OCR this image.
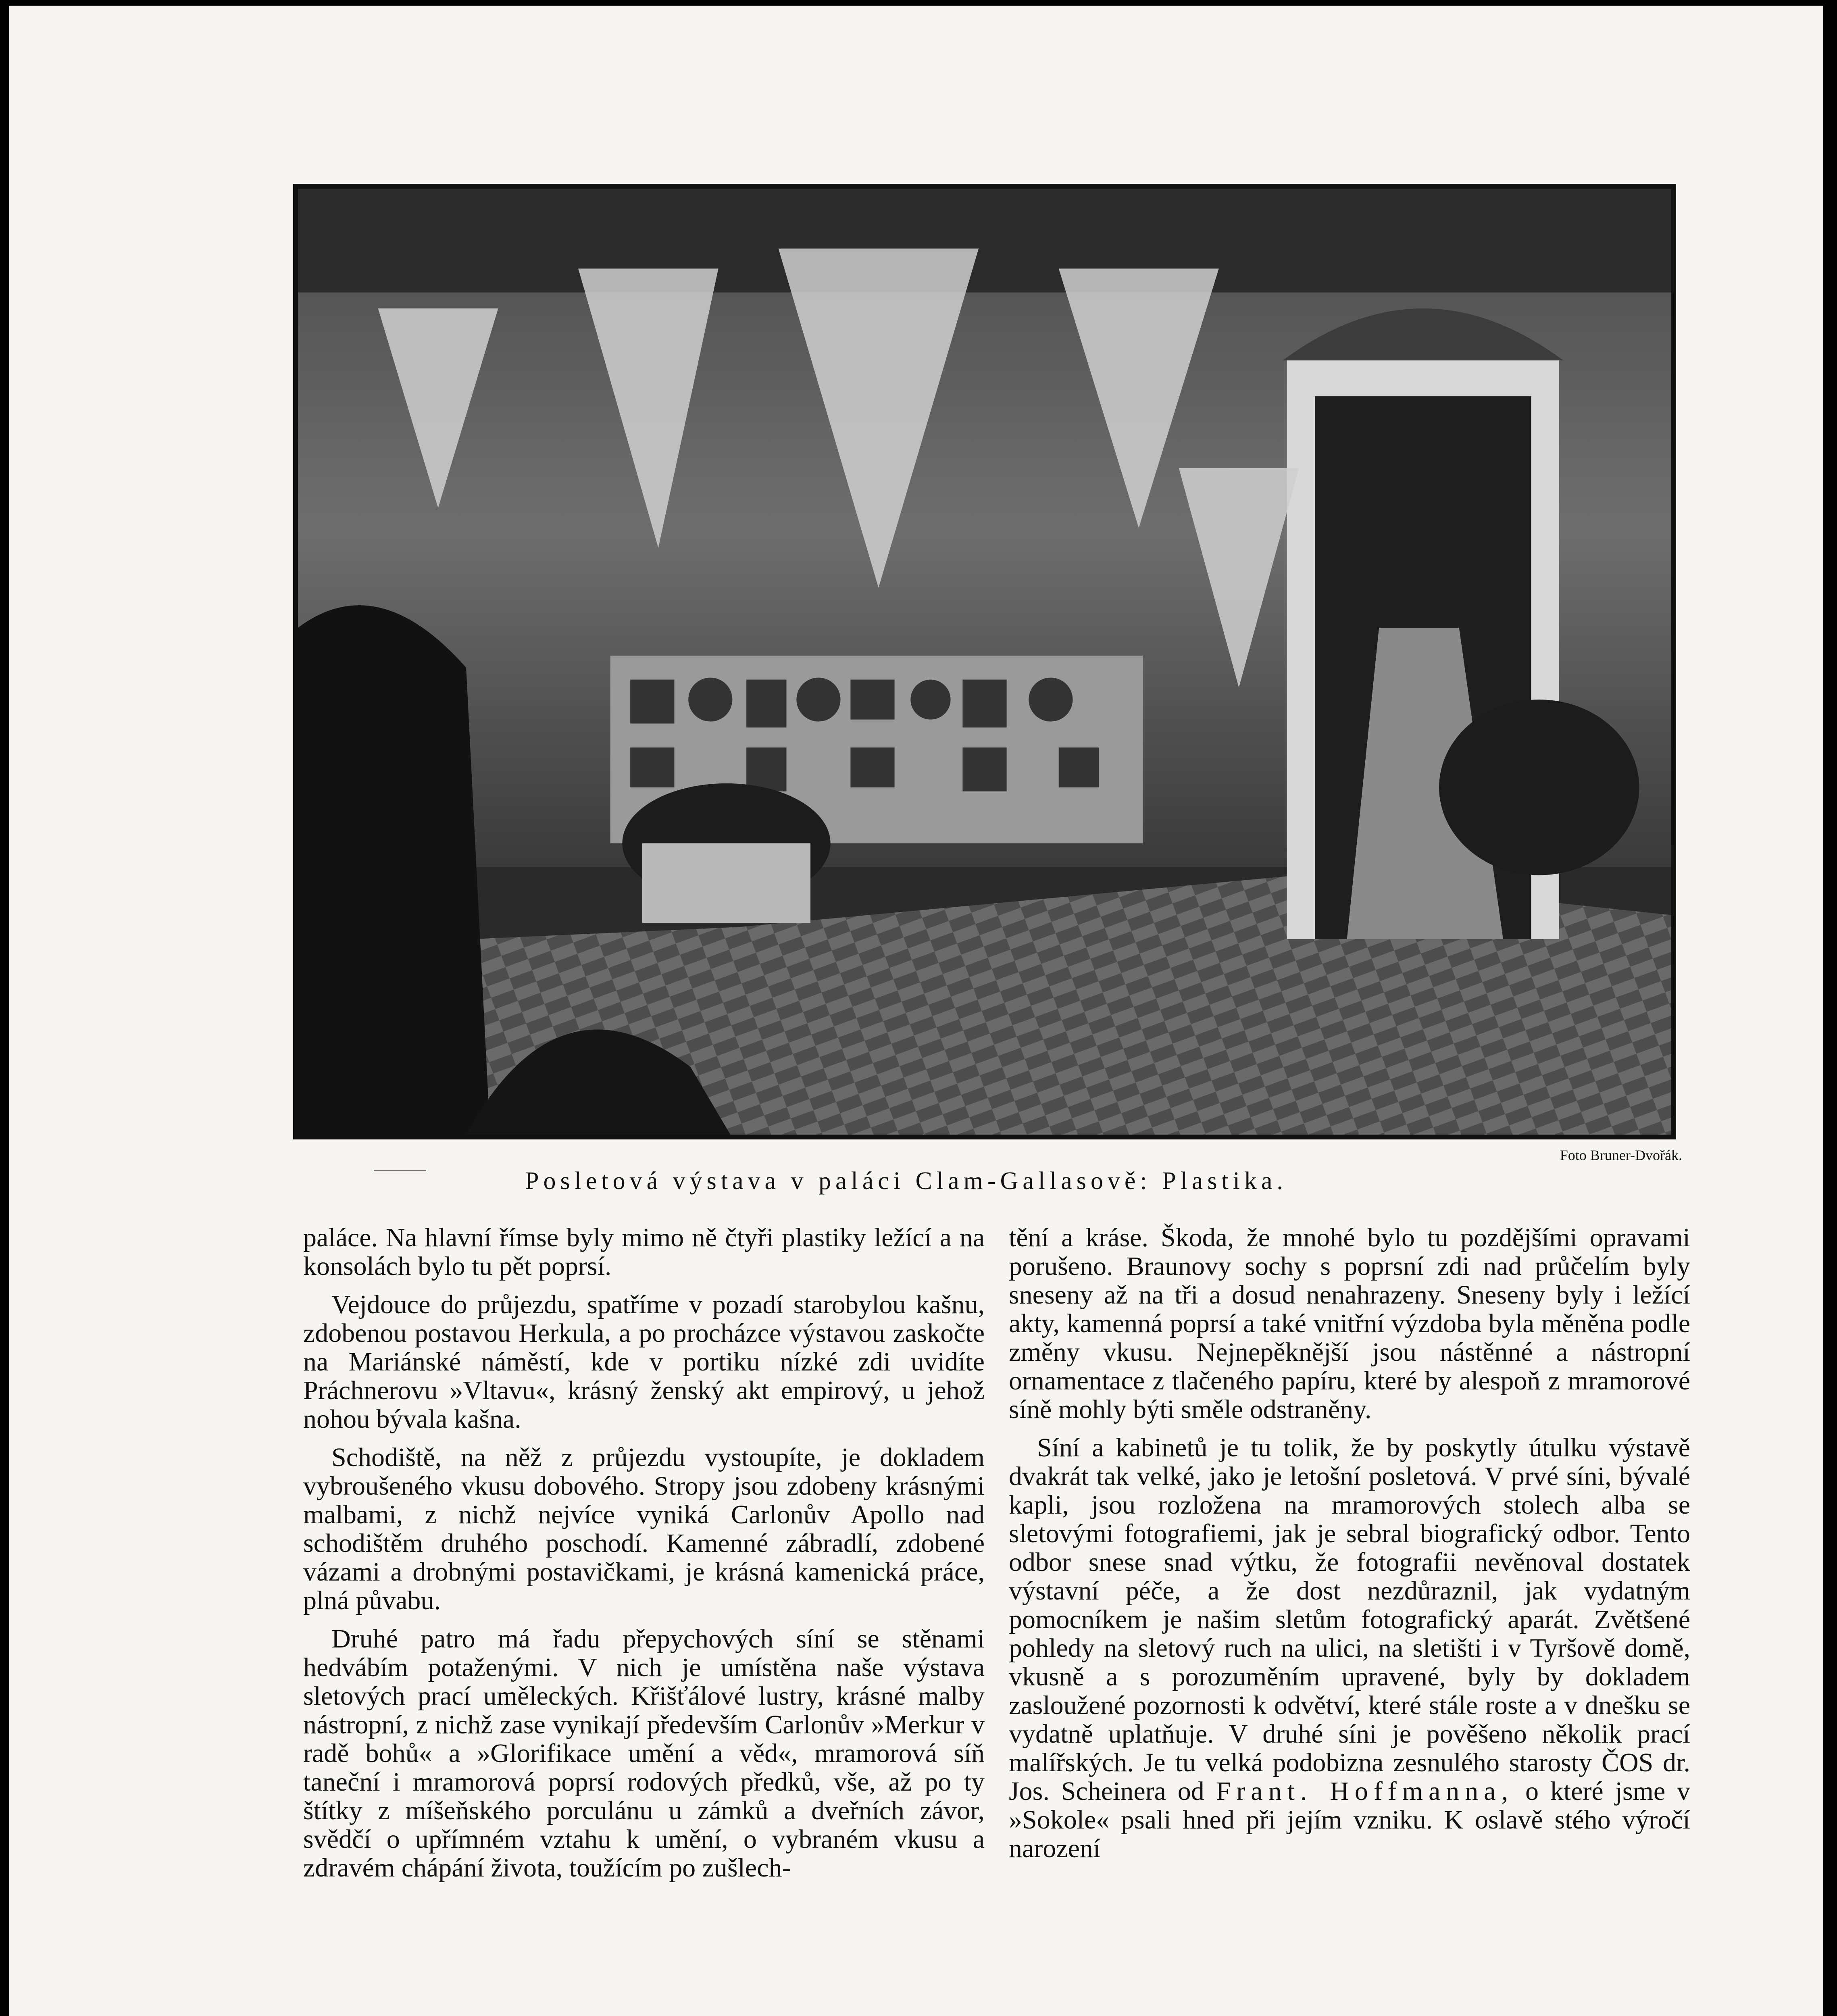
Foto Bruner-Dvořák.
Posletová výstava v paláci Clam-Gallasově: Plastika.

paláce. Na hlavní římse byly mimo ně čtyři plastiky ležící a na konsolách bylo tu pět poprsí.

Vejdouce do průjezdu, spatříme v pozadí starobylou kašnu, zdobenou postavou Herkula, a po procházce výstavou zaskočte na Mariánské náměstí, kde v portiku nízké zdi uvidíte Práchnerovu »Vltavu«, krásný ženský akt empirový, u jehož nohou bývala kašna.

Schodiště, na něž z průjezdu vystoupíte, je dokladem vybroušeného vkusu dobového. Stropy jsou zdobeny krásnými malbami, z nichž nejvíce vyniká Carlonův Apollo nad schodištěm druhého poschodí. Kamenné zábradlí, zdobené vázami a drobnými postavičkami, je krásná kamenická práce, plná půvabu.

Druhé patro má řadu přepychových síní se stěnami hedvábím potaženými. V nich je umístěna naše výstava sletových prací uměleckých. Křišťálové lustry, krásné malby nástropní, z nichž zase vynikají především Carlonův »Merkur v radě bohů« a »Glorifikace umění a věd«, mramorová síň taneční i mramorová poprsí rodových předků, vše, až po ty štítky z míšeňského porculánu u zámků a dveřních závor, svědčí o upřímném vztahu k umění, o vybraném vkusu a zdravém chápání života, toužícím po zušlech-

tění a kráse. Škoda, že mnohé bylo tu pozdějšími opravami porušeno. Braunovy sochy s poprsní zdi nad průčelím byly sneseny až na tři a dosud nenahrazeny. Sneseny byly i ležící akty, kamenná poprsí a také vnitřní výzdoba byla měněna podle změny vkusu. Nejnepěknější jsou nástěnné a nástropní ornamentace z tlačeného papíru, které by alespoň z mramorové síně mohly býti směle odstraněny.

Síní a kabinetů je tu tolik, že by poskytly útulku výstavě dvakrát tak velké, jako je letošní posletová. V prvé síni, bývalé kapli, jsou rozloženа na mramorových stolech alba se sletovými fotografiemi, jak je sebral biografický odbor. Tento odbor snese snad výtku, že fotografii nevěnoval dostatek výstavní péče, a že dost nezdůraznil, jak vydatným pomocníkem je našim sletům fotografický aparát. Zvětšené pohledy na sletový ruch na ulici, na sletišti i v Tyršově domě, vkusně a s porozuměním upravené, byly by dokladem zasloužené pozornosti k odvětví, které stále roste a v dnešku se vydatně uplatňuje. V druhé síni je pověšeno několik prací malířských. Je tu velká podobizna zesnulého starosty ČOS dr. Jos. Scheinera od Frant. Hoffmanna, o které jsme v »Sokole« psali hned při jejím vzniku. K oslavě stého výročí narození
